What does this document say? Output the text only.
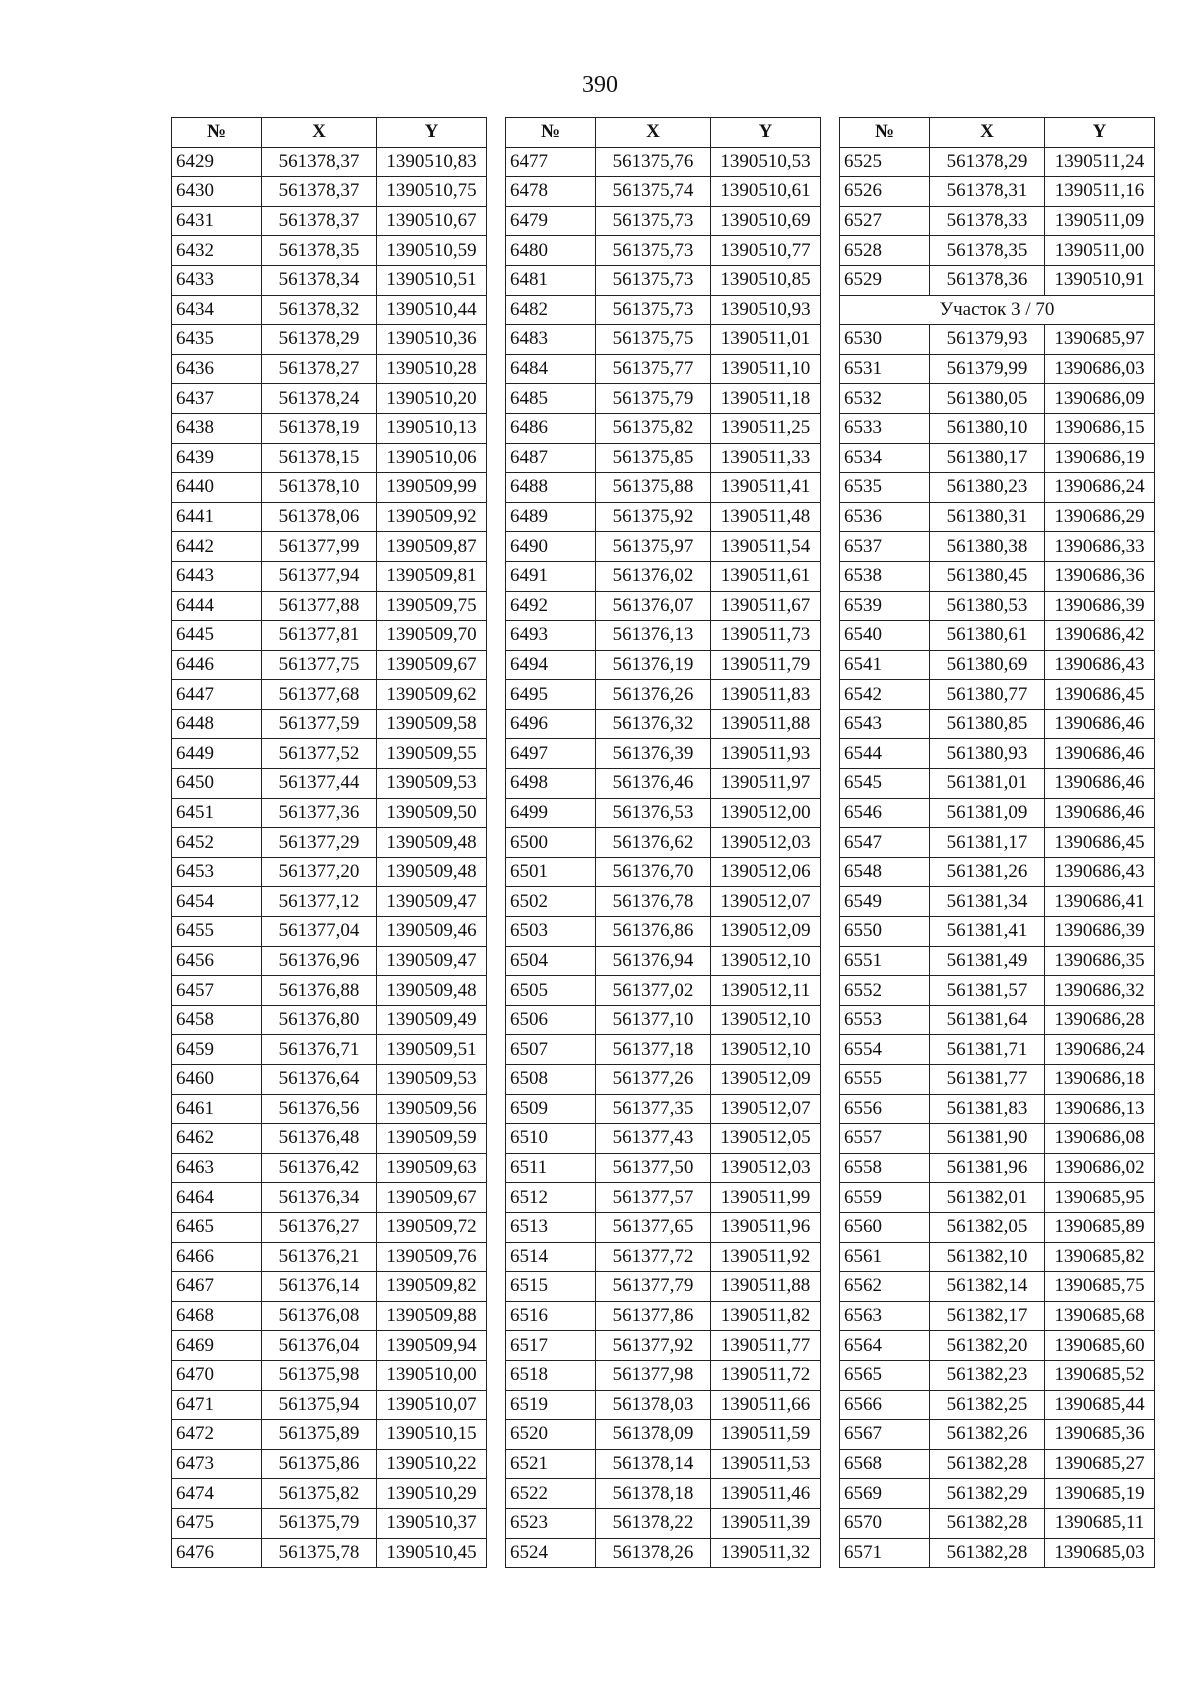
390
№	X	Y
6429	561378,37	1390510,83
6430	561378,37	1390510,75
6431	561378,37	1390510,67
6432	561378,35	1390510,59
6433	561378,34	1390510,51
6434	561378,32	1390510,44
6435	561378,29	1390510,36
6436	561378,27	1390510,28
6437	561378,24	1390510,20
6438	561378,19	1390510,13
6439	561378,15	1390510,06
6440	561378,10	1390509,99
6441	561378,06	1390509,92
6442	561377,99	1390509,87
6443	561377,94	1390509,81
6444	561377,88	1390509,75
6445	561377,81	1390509,70
6446	561377,75	1390509,67
6447	561377,68	1390509,62
6448	561377,59	1390509,58
6449	561377,52	1390509,55
6450	561377,44	1390509,53
6451	561377,36	1390509,50
6452	561377,29	1390509,48
6453	561377,20	1390509,48
6454	561377,12	1390509,47
6455	561377,04	1390509,46
6456	561376,96	1390509,47
6457	561376,88	1390509,48
6458	561376,80	1390509,49
6459	561376,71	1390509,51
6460	561376,64	1390509,53
6461	561376,56	1390509,56
6462	561376,48	1390509,59
6463	561376,42	1390509,63
6464	561376,34	1390509,67
6465	561376,27	1390509,72
6466	561376,21	1390509,76
6467	561376,14	1390509,82
6468	561376,08	1390509,88
6469	561376,04	1390509,94
6470	561375,98	1390510,00
6471	561375,94	1390510,07
6472	561375,89	1390510,15
6473	561375,86	1390510,22
6474	561375,82	1390510,29
6475	561375,79	1390510,37
6476	561375,78	1390510,45
№	X	Y
6477	561375,76	1390510,53
6478	561375,74	1390510,61
6479	561375,73	1390510,69
6480	561375,73	1390510,77
6481	561375,73	1390510,85
6482	561375,73	1390510,93
6483	561375,75	1390511,01
6484	561375,77	1390511,10
6485	561375,79	1390511,18
6486	561375,82	1390511,25
6487	561375,85	1390511,33
6488	561375,88	1390511,41
6489	561375,92	1390511,48
6490	561375,97	1390511,54
6491	561376,02	1390511,61
6492	561376,07	1390511,67
6493	561376,13	1390511,73
6494	561376,19	1390511,79
6495	561376,26	1390511,83
6496	561376,32	1390511,88
6497	561376,39	1390511,93
6498	561376,46	1390511,97
6499	561376,53	1390512,00
6500	561376,62	1390512,03
6501	561376,70	1390512,06
6502	561376,78	1390512,07
6503	561376,86	1390512,09
6504	561376,94	1390512,10
6505	561377,02	1390512,11
6506	561377,10	1390512,10
6507	561377,18	1390512,10
6508	561377,26	1390512,09
6509	561377,35	1390512,07
6510	561377,43	1390512,05
6511	561377,50	1390512,03
6512	561377,57	1390511,99
6513	561377,65	1390511,96
6514	561377,72	1390511,92
6515	561377,79	1390511,88
6516	561377,86	1390511,82
6517	561377,92	1390511,77
6518	561377,98	1390511,72
6519	561378,03	1390511,66
6520	561378,09	1390511,59
6521	561378,14	1390511,53
6522	561378,18	1390511,46
6523	561378,22	1390511,39
6524	561378,26	1390511,32
№	X	Y
6525	561378,29	1390511,24
6526	561378,31	1390511,16
6527	561378,33	1390511,09
6528	561378,35	1390511,00
6529	561378,36	1390510,91
Участок 3 / 70		
6530	561379,93	1390685,97
6531	561379,99	1390686,03
6532	561380,05	1390686,09
6533	561380,10	1390686,15
6534	561380,17	1390686,19
6535	561380,23	1390686,24
6536	561380,31	1390686,29
6537	561380,38	1390686,33
6538	561380,45	1390686,36
6539	561380,53	1390686,39
6540	561380,61	1390686,42
6541	561380,69	1390686,43
6542	561380,77	1390686,45
6543	561380,85	1390686,46
6544	561380,93	1390686,46
6545	561381,01	1390686,46
6546	561381,09	1390686,46
6547	561381,17	1390686,45
6548	561381,26	1390686,43
6549	561381,34	1390686,41
6550	561381,41	1390686,39
6551	561381,49	1390686,35
6552	561381,57	1390686,32
6553	561381,64	1390686,28
6554	561381,71	1390686,24
6555	561381,77	1390686,18
6556	561381,83	1390686,13
6557	561381,90	1390686,08
6558	561381,96	1390686,02
6559	561382,01	1390685,95
6560	561382,05	1390685,89
6561	561382,10	1390685,82
6562	561382,14	1390685,75
6563	561382,17	1390685,68
6564	561382,20	1390685,60
6565	561382,23	1390685,52
6566	561382,25	1390685,44
6567	561382,26	1390685,36
6568	561382,28	1390685,27
6569	561382,29	1390685,19
6570	561382,28	1390685,11
6571	561382,28	1390685,03
